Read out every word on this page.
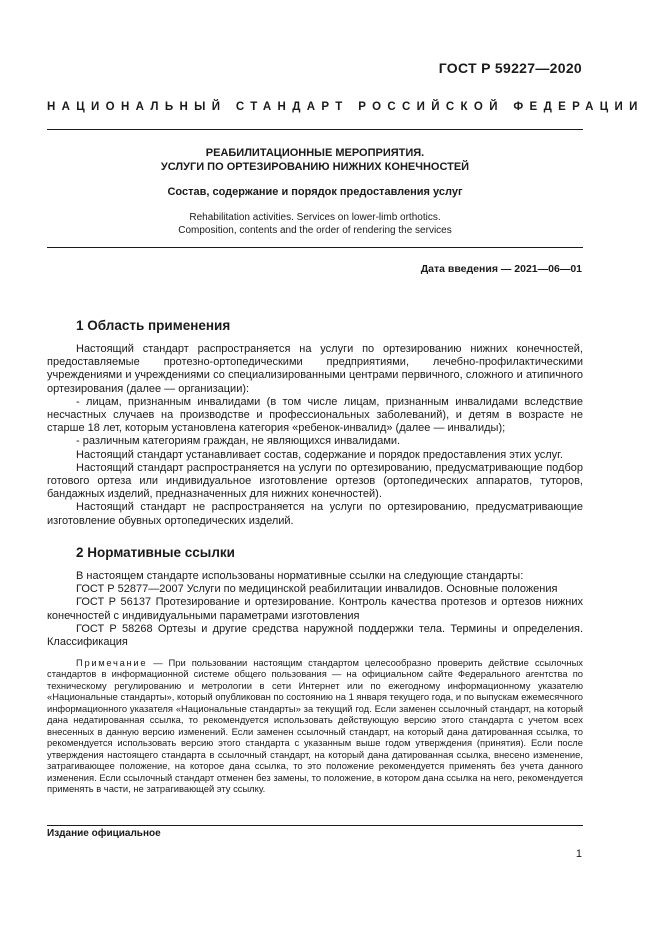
ГОСТ Р 59227—2020
НАЦИОНАЛЬНЫЙ СТАНДАРТ РОССИЙСКОЙ ФЕДЕРАЦИИ
РЕАБИЛИТАЦИОННЫЕ МЕРОПРИЯТИЯ.
УСЛУГИ ПО ОРТЕЗИРОВАНИЮ НИЖНИХ КОНЕЧНОСТЕЙ
Состав, содержание и порядок предоставления услуг
Rehabilitation activities. Services on lower-limb orthotics.
Composition, contents and the order of rendering the services
Дата введения — 2021—06—01
1 Область применения

Настоящий стандарт распространяется на услуги по ортезированию нижних конечностей, предоставляемые протезно-ортопедическими предприятиями, лечебно-профилактическими учреждениями и учреждениями со специализированными центрами первичного, сложного и атипичного ортезирования (далее — организации):

- лицам, признанным инвалидами (в том числе лицам, признанным инвалидами вследствие несчастных случаев на производстве и профессиональных заболеваний), и детям в возрасте не старше 18 лет, которым установлена категория «ребенок-инвалид» (далее — инвалиды);

- различным категориям граждан, не являющихся инвалидами.

Настоящий стандарт устанавливает состав, содержание и порядок предоставления этих услуг.

Настоящий стандарт распространяется на услуги по ортезированию, предусматривающие подбор готового ортеза или индивидуальное изготовление ортезов (ортопедических аппаратов, туторов, бандажных изделий, предназначенных для нижних конечностей).

Настоящий стандарт не распространяется на услуги по ортезированию, предусматривающие изготовление обувных ортопедических изделий.

2 Нормативные ссылки

В настоящем стандарте использованы нормативные ссылки на следующие стандарты:

ГОСТ Р 52877—2007 Услуги по медицинской реабилитации инвалидов. Основные положения

ГОСТ Р 56137 Протезирование и ортезирование. Контроль качества протезов и ортезов нижних конечностей с индивидуальными параметрами изготовления

ГОСТ Р 58268 Ортезы и другие средства наружной поддержки тела. Термины и определения. Классификация

Примечание — При пользовании настоящим стандартом целесообразно проверить действие ссылочных стандартов в информационной системе общего пользования — на официальном сайте Федерального агентства по техническому регулированию и метрологии в сети Интернет или по ежегодному информационному указателю «Национальные стандарты», который опубликован по состоянию на 1 января текущего года, и по выпускам ежемесячного информационного указателя «Национальные стандарты» за текущий год. Если заменен ссылочный стандарт, на который дана недатированная ссылка, то рекомендуется использовать действующую версию этого стандарта с учетом всех внесенных в данную версию изменений. Если заменен ссылочный стандарт, на который дана датированная ссылка, то рекомендуется использовать версию этого стандарта с указанным выше годом утверждения (принятия). Если после утверждения настоящего стандарта в ссылочный стандарт, на который дана датированная ссылка, внесено изменение, затрагивающее положение, на которое дана ссылка, то это положение рекомендуется применять без учета данного изменения. Если ссылочный стандарт отменен без замены, то положение, в котором дана ссылка на него, рекомендуется применять в части, не затрагивающей эту ссылку.
Издание официальное
1
